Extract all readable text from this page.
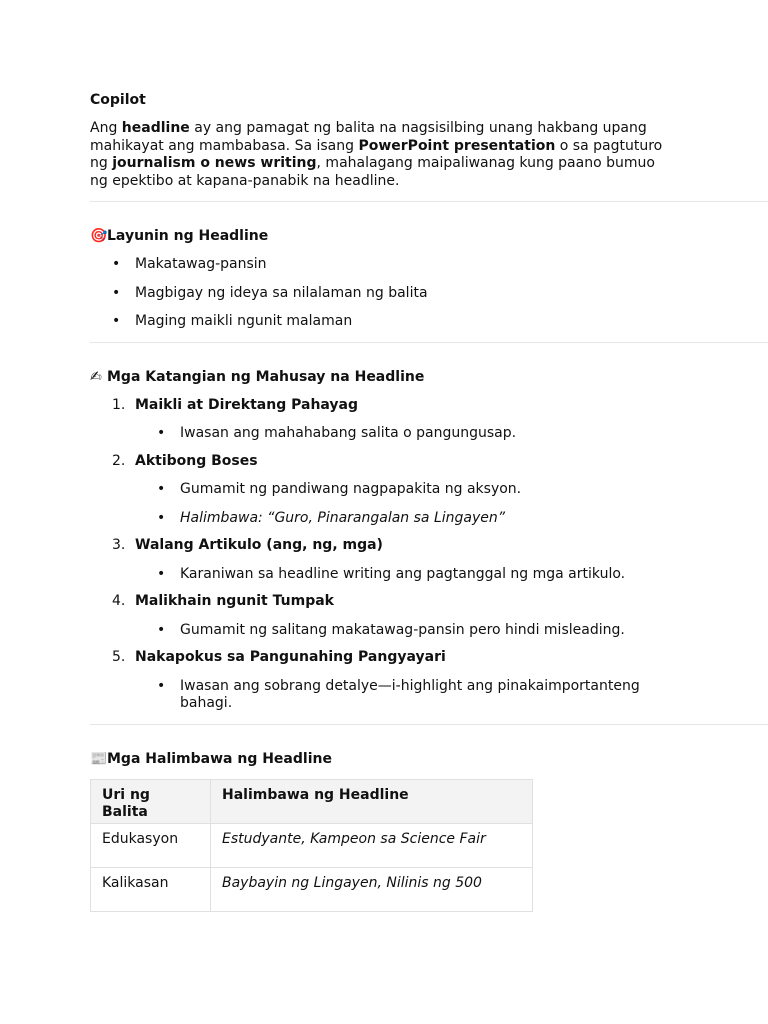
Copilot

Ang headline ay ang pamagat ng balita na nagsisilbing unang hakbang upang mahikayat ang mambabasa. Sa isang PowerPoint presentation o sa pagtuturo ng journalism o news writing, mahalagang maipaliwanag kung paano bumuo ng epektibo at kapana-panabik na headline.

🎯Layunin ng Headline
• Makatawag-pansin
• Magbigay ng ideya sa nilalaman ng balita
• Maging maikli ngunit malaman
✍ Mga Katangian ng Mahusay na Headline
1. Maikli at Direktang Pahayag
• Iwasan ang mahahabang salita o pangungusap.
2. Aktibong Boses
• Gumamit ng pandiwang nagpapakita ng aksyon.
• Halimbawa: “Guro, Pinarangalan sa Lingayen”
3. Walang Artikulo (ang, ng, mga)
• Karaniwan sa headline writing ang pagtanggal ng mga artikulo.
4. Malikhain ngunit Tumpak
• Gumamit ng salitang makatawag-pansin pero hindi misleading.
5. Nakapokus sa Pangunahing Pangyayari
• Iwasan ang sobrang detalye—i-highlight ang pinakaimportanteng bahagi.
📰Mga Halimbawa ng Headline
Uri ng Balita	Halimbawa ng Headline
Edukasyon	Estudyante, Kampeon sa Science Fair
Kalikasan	Baybayin ng Lingayen, Nilinis ng 500
